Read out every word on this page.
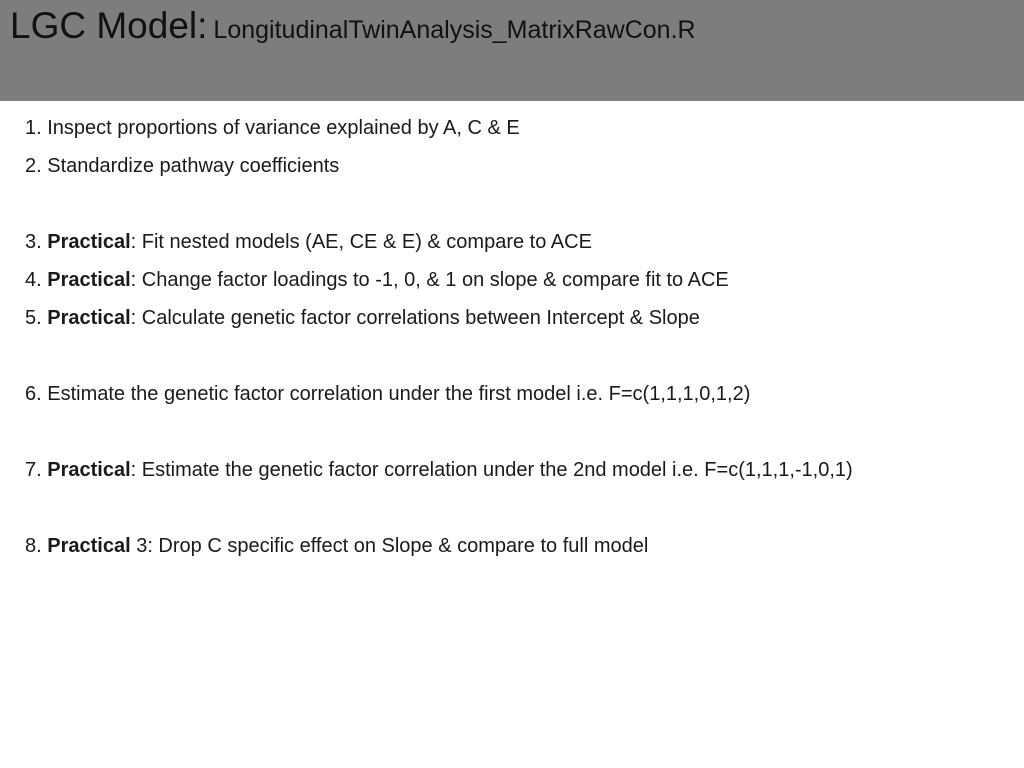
LGC Model: LongitudinalTwinAnalysis_MatrixRawCon.R

1. Inspect proportions of variance explained by A, C & E

2. Standardize pathway coefficients

3. Practical: Fit nested models (AE, CE & E) & compare to ACE

4. Practical: Change factor loadings to -1, 0, & 1 on slope & compare fit to ACE

5. Practical: Calculate genetic factor correlations between Intercept & Slope

6. Estimate the genetic factor correlation under the first model i.e. F=c(1,1,1,0,1,2)

7. Practical: Estimate the genetic factor correlation under the 2nd model i.e. F=c(1,1,1,-1,0,1)

8. Practical 3: Drop C specific effect on Slope & compare to full model
